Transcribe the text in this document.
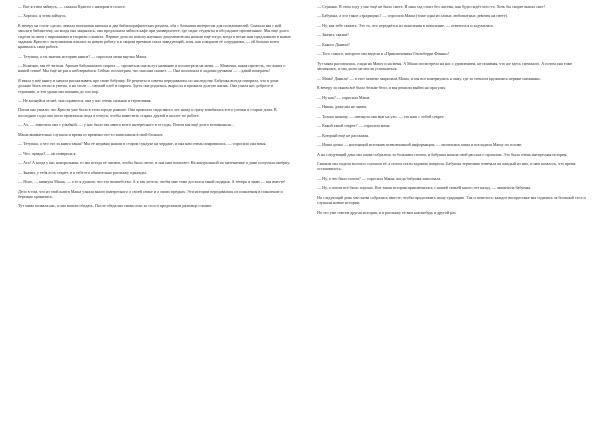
— Вот я этим займусь, — сказала Кристи с напором в голосе.

— Хорошо, я этим займусь.

К вечеру на столе «дела» лежала поисковая записка и два библиографических раздела, оба с большим интересом для пользователей. Сначала мы с ней зашли в библиотеку, но когда она закрылась, она предложила зайти в кафе при университете, где сидят студенты и обсуждают прочитанное. Мы ещё долго сидели за чаем с пирожными и спорили о книгах. Первые дела по поиску научных документов мы начали ещё тогда, когда к весне нам предложили и новые задания. Кристи с энтузиазмом взялась за новую работу и в скором времени стала заведующей, хотя, как говорили её сотрудники, — ей больше всего нравилась сама работа.

— Тетушка, а ты знаешь историю книги? — спросила меня внучка Маша.

— Конечно, мы её читали. Аромат бабушкиного пирога — прочитала она вслух название и посмотрела на меня. — Мамочка, какая прелесть, это книга о нашей семье! Мы ещё не раз к ней вернёмся. Сейчас посмотрим, что она нам скажет. — Она похлопала в ладоши ручками — ...давай поиграем!

Я взяла у неё книгу и начала рассказывать про свою бабушку. Её рецепты и советы передавались по наследству. Бабушка всегда говорила, что в доме должно быть тепло и уютно, а на столе — свежий хлеб и пироги. Здесь она родилась, выросла и прожила долгую жизнь. Она учила нас доброте и терпению, и эти уроки мы помним до сих пор.

— Не волнуйся за неё, она справится, она у нас очень сильная и терпеливая.

Потом мы узнали, что Кристи уже была в этом городе раньше. Она приехала сюда много лет назад и сразу влюбилась в его улочки и старые дома. В последние годы она часто приезжала сюда в отпуск, чтобы навестить старых друзей и коллег по работе.

— Ах, — заметила она с улыбкой, — у нас было так много всего интересного в те годы. Потом мы ещё долго вспоминали...

Маша внимательно слушала и время от времени что-то записывала в свой блокнот.

— Тетушка, а что это за книга такая? Мы её недавно нашли в старом сундуке на чердаке, и она нам очень понравилась, — спросила она меня.

— Что, правда? — не поверила я.

— Ага! А когда у нас контрольная, то мы всегда её читаем, чтобы было легче, и она нам помогает. На контрольной по математике я даже получила пятёрку.

— Значит, у тебя есть секрет, и я тебе его обязательно расскажу однажды.

— Ясно, — кивнула Маша, — а то я думала, что это волшебство. А я так хотела, чтобы мне тоже достался такой подарок. А теперь я знаю — мы вместе!

Дело в том, что из этой книги Маша узнала много интересного о своей семье и о своих предках. Эти истории передавались из поколения в поколение и бережно хранились.

Тут мама позвала нас, и мы пошли обедать. После обеда мы снова сели за стол и продолжили разговор о книге.

— Странно. В этом году у нас ещё не было снега. И наш сад стоит без листвы, как будто ждёт чего-то. Хоть бы скорее выпал снег!

— Бабушка, а что такое «традиция»? — спросила Маша (тоже одна из самых любопытных девочек на свете).

— Ну, как тебе сказать. Это то, что передаётся из поколения в поколение, — ответила я и задумалась.

— Значит, сказки?

— Какого Данила?

— Того самого, которого мы видели в «Приключениях Гекльберри Финна»!

Тут мама рассмеялась, глядя на Машу и на меня. А Маша посмотрела на нас с удивлением, не понимая, что же здесь смешного. А потом она тоже засмеялась, и мы долго не могли успокоиться.

— Мама! Данила! — в этот момент закричала Маша, и мы все повернулись к окну, где за стеклом кружились первые снежинки.

К вечеру за окном всё было белым-бело, и мы решили выйти на прогулку.

— Ну как? — спросила Маша.

— Никак, даже мы не знаем.

— Только никому, — шепнула она мне на ухо, — это наш с тобой секрет.

— Какой такой секрет? — спросила мама.

— Который ещё не рассказан.

— Наша дочка — настоящий источник всевозможной информации, — засмеялась мама и погладила Машу по голове.

А на следующий день мы снова собрались за большим столом, и бабушка начала свой рассказ о прошлом. Это была очень интересная история.

Сначала мы сидели молча и слушали её, а потом стали задавать вопросы. Бабушка терпеливо отвечала на каждый из них, и нам казалось, что время остановилось.

— Ну, а что было потом? — спросила Маша, когда бабушка замолчала.

— Ну, а потом всё было хорошо. Вот такая история приключилась с нашей семьёй много лет назад, — закончила бабушка.

На следующий день мы снова собрались вместе, чтобы продолжить нашу традицию. Так и повелось: каждое воскресенье мы садились за большой стол и слушали новые истории.

Но это уже совсем другая история, и я расскажу её вам как-нибудь в другой раз.
